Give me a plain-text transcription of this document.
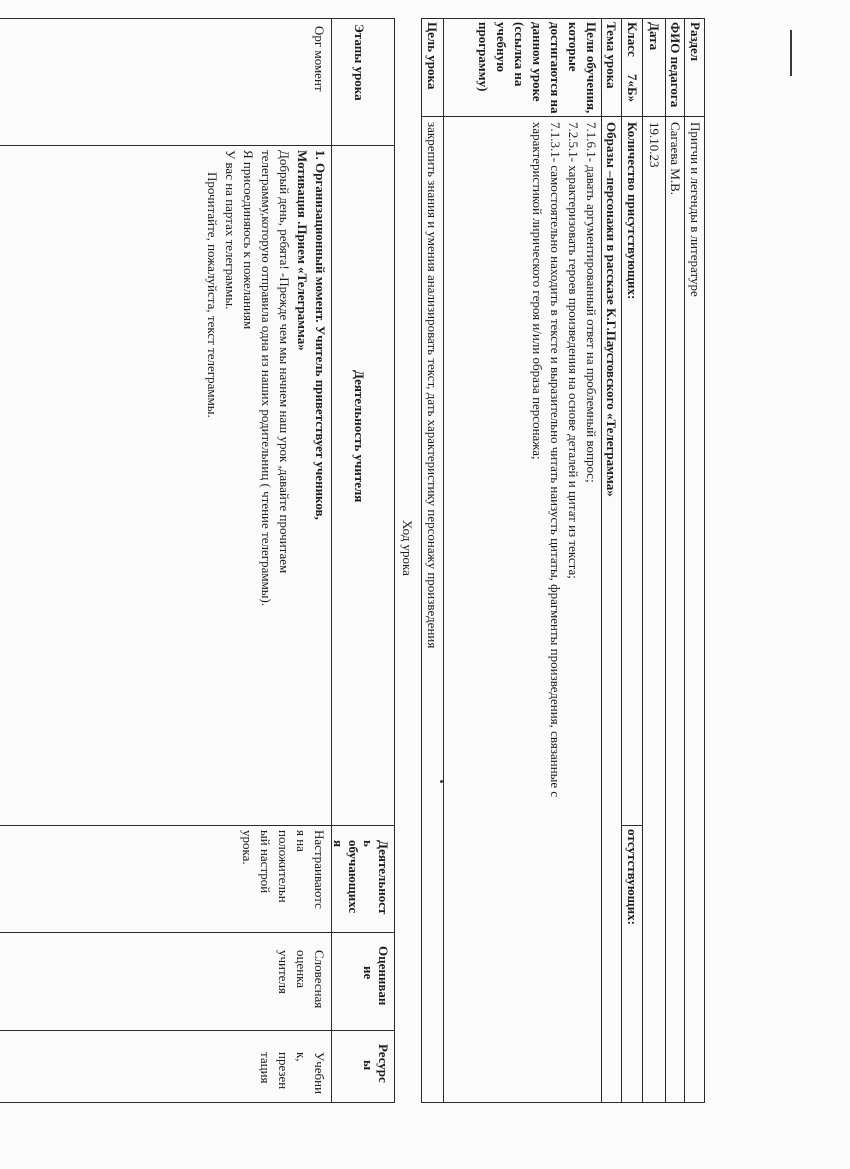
Раздел
Притчи и легенды в литературе
ФИО педагога
Сагаева М.В.
Дата
19.10.23
Класс
7«Б»
Количество присутствующих:
отсутствующих:
Тема урока
Образы –персонажи в рассказе К.Г.Паустовского «Телеграмма»
Цели обучения,
которые
достигаются на
данном уроке
(ссылка на
учебную
программу)
7.1.6.1- давать аргументированный ответ на проблемный вопрос;
7.2.5.1- характеризовать героев произведения на основе деталей и цитат из текста;
7.1.3.1- самостоятельно находить в тексте и выразительно читать наизусть цитаты, фрагменты произведения, связанные с
характеристикой лирического героя и/или образа персонажа;
Цель урока
закрепить знания и умения анализировать текст, дать характеристику персонажу произведения
Ход урока
Этапы урока
Деятельность учителя
Деятельност
ь
обучающихс
я
Оцениван
ие
Ресурс
ы
Орг момент
1. Организационный момент. Учитель приветствует учеников,
Мотивация .Прием «Телеграмма»
Добрый день, ребята! -Прежде чем мы начнем наш урок ,давайте прочитаем
телеграмму,которую отправила одна из наших родительниц ( чтение телеграммы).
Я присоединяюсь к пожеланиям
У вас на партах телеграммы.
Прочитайте, пожалуйста, текст телеграммы.
Настраиваютс
я на
положительн
ый настрой
урока.
Словесная
оценка
учителя
Учебни
к,
презен
тация
